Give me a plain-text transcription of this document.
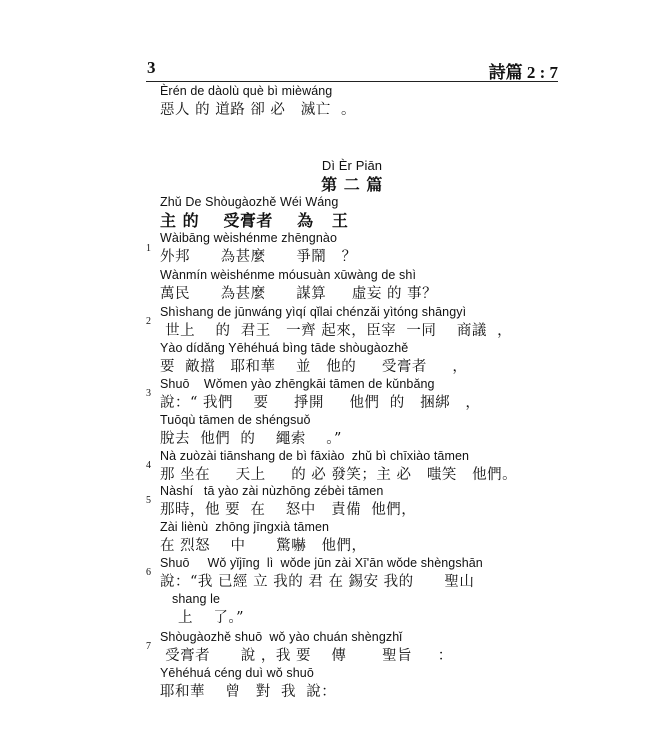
3	詩篇 2 : 7
Èrén de dàolù què bì mièwáng
惡人 的 道路 卻 必   滅亡  。
Dì Èr Piān
第 二 篇
Zhǔ De Shòugàozhě Wéi Wáng
主 的    受膏者    為   王
Wàibāng wèishénme zhēngnào
1
外邦      為甚麼      爭鬧   ？
Wànmín wèishénme móusuàn xūwàng de shì
萬民      為甚麼      謀算     虛妄 的 事？
Shìshang de jūnwáng yìqí qǐlai chénzǎi yìtóng shāngyì
2
世上    的  君王   一齊 起來，臣宰  一同    商議  ，
Yào dídǎng Yēhéhuá bìng tāde shòugàozhě
要  敵擋   耶和華    並   他的     受膏者     ，
Shuō    Wǒmen yào zhēngkāi tāmen de kǔnbǎng
3
說：“ 我們    要     掙開     他們  的   捆綁   ，
Tuōqù tāmen de shéngsuǒ
脫去  他們  的    繩索    。”
Nà zuòzài tiānshang de bì fāxiào  zhǔ bì chīxiào tāmen
4
那 坐在     天上     的 必 發笑；主 必   嗤笑   他們。
Nàshí   tā yào zài nùzhōng zébèi tāmen
5
那時，他 要  在    怒中   責備  他們，
Zài liènù  zhōng jīngxià tāmen
在 烈怒    中      驚嚇   他們，
Shuō     Wǒ yǐjīng  lì  wǒde jūn zài Xī'ān wǒde shèngshān
6
說：“我 已經 立 我的 君 在 錫安 我的      聖山
shang le
上    了。”
Shòugàozhě shuō  wǒ yào chuán shèngzhǐ
7
受膏者      說 ，我 要    傳       聖旨     ：
Yēhéhuá céng duì wǒ shuō
耶和華    曾   對  我  說：
